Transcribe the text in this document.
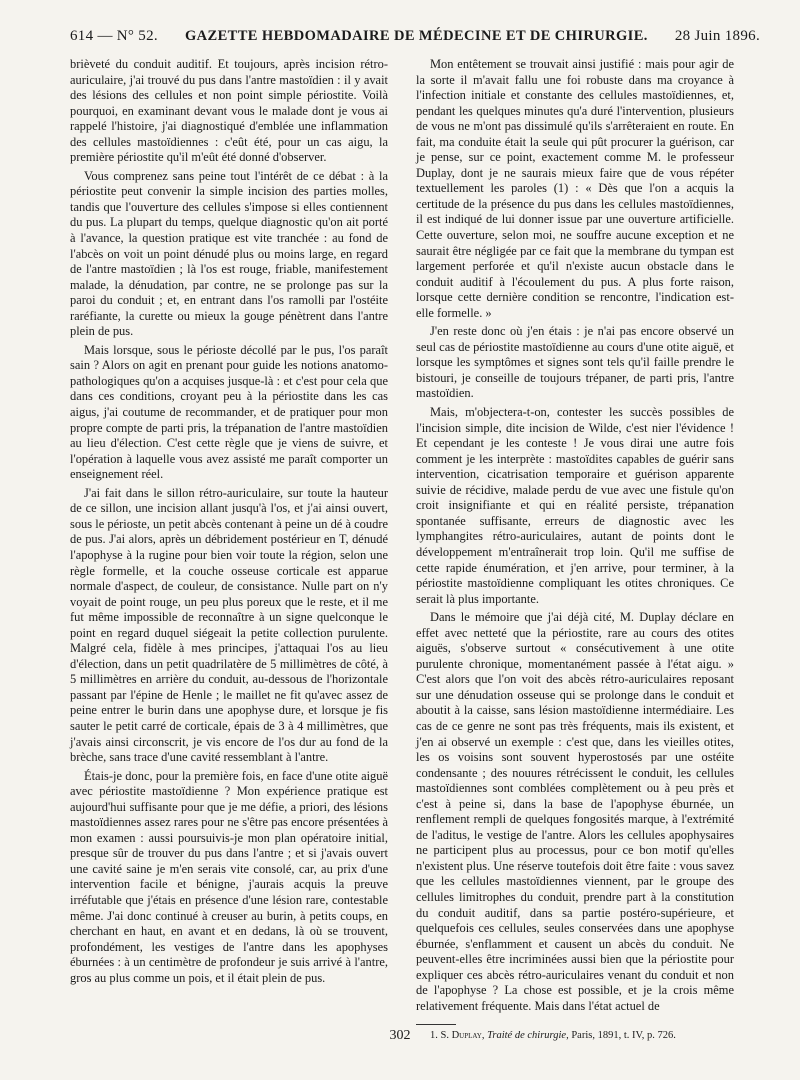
614 — N° 52. GAZETTE HEBDOMADAIRE DE MÉDECINE ET DE CHIRURGIE. 28 Juin 1896.

brièveté du conduit auditif. Et toujours, après incision rétro-auriculaire, j'ai trouvé du pus dans l'antre mastoïdien : il y avait des lésions des cellules et non point simple périostite. Voilà pourquoi, en examinant devant vous le malade dont je vous ai rappelé l'histoire, j'ai diagnostiqué d'emblée une inflammation des cellules mastoïdiennes : c'eût été, pour un cas aigu, la première périostite qu'il m'eût été donné d'observer.

Vous comprenez sans peine tout l'intérêt de ce débat : à la périostite peut convenir la simple incision des parties molles, tandis que l'ouverture des cellules s'impose si elles contiennent du pus. La plupart du temps, quelque diagnostic qu'on ait porté à l'avance, la question pratique est vite tranchée : au fond de l'abcès on voit un point dénudé plus ou moins large, en regard de l'antre mastoïdien ; là l'os est rouge, friable, manifestement malade, la dénudation, par contre, ne se prolonge pas sur la paroi du conduit ; et, en entrant dans l'os ramolli par l'ostéite raréfiante, la curette ou mieux la gouge pénètrent dans l'antre plein de pus.

Mais lorsque, sous le périoste décollé par le pus, l'os paraît sain ? Alors on agit en prenant pour guide les notions anatomo-pathologiques qu'on a acquises jusque-là : et c'est pour cela que dans ces conditions, croyant peu à la périostite dans les cas aigus, j'ai coutume de recommander, et de pratiquer pour mon propre compte de parti pris, la trépanation de l'antre mastoïdien au lieu d'élection. C'est cette règle que je viens de suivre, et l'opération à laquelle vous avez assisté me paraît comporter un enseignement réel.

J'ai fait dans le sillon rétro-auriculaire, sur toute la hauteur de ce sillon, une incision allant jusqu'à l'os, et j'ai ainsi ouvert, sous le périoste, un petit abcès contenant à peine un dé à coudre de pus. J'ai alors, après un débridement postérieur en T, dénudé l'apophyse à la rugine pour bien voir toute la région, selon une règle formelle, et la couche osseuse corticale est apparue normale d'aspect, de couleur, de consistance. Nulle part on n'y voyait de point rouge, un peu plus poreux que le reste, et il me fut même impossible de reconnaître à un signe quelconque le point en regard duquel siégeait la petite collection purulente. Malgré cela, fidèle à mes principes, j'attaquai l'os au lieu d'élection, dans un petit quadrilatère de 5 millimètres de côté, à 5 millimètres en arrière du conduit, au-dessous de l'horizontale passant par l'épine de Henle ; le maillet ne fit qu'avec assez de peine entrer le burin dans une apophyse dure, et lorsque je fis sauter le petit carré de corticale, épais de 3 à 4 millimètres, que j'avais ainsi circonscrit, je vis encore de l'os dur au fond de la brèche, sans trace d'une cavité ressemblant à l'antre.

Étais-je donc, pour la première fois, en face d'une otite aiguë avec périostite mastoïdienne ? Mon expérience pratique est aujourd'hui suffisante pour que je me défie, a priori, des lésions mastoïdiennes assez rares pour ne s'être pas encore présentées à mon examen : aussi poursuivis-je mon plan opératoire initial, presque sûr de trouver du pus dans l'antre ; et si j'avais ouvert une cavité saine je m'en serais vite consolé, car, au prix d'une intervention facile et bénigne, j'aurais acquis la preuve irréfutable que j'étais en présence d'une lésion rare, contestable même. J'ai donc continué à creuser au burin, à petits coups, en cherchant en haut, en avant et en dedans, là où se trouvent, profondément, les vestiges de l'antre dans les apophyses éburnées : à un centimètre de profondeur je suis arrivé à l'antre, gros au plus comme un pois, et il était plein de pus.

Mon entêtement se trouvait ainsi justifié : mais pour agir de la sorte il m'avait fallu une foi robuste dans ma croyance à l'infection initiale et constante des cellules mastoïdiennes, et, pendant les quelques minutes qu'a duré l'intervention, plusieurs de vous ne m'ont pas dissimulé qu'ils s'arrêteraient en route. En fait, ma conduite était la seule qui pût procurer la guérison, car je pense, sur ce point, exactement comme M. le professeur Duplay, dont je ne saurais mieux faire que de vous répéter textuellement les paroles (1) : « Dès que l'on a acquis la certitude de la présence du pus dans les cellules mastoïdiennes, il est indiqué de lui donner issue par une ouverture artificielle. Cette ouverture, selon moi, ne souffre aucune exception et ne saurait être négligée par ce fait que la membrane du tympan est largement perforée et qu'il n'existe aucun obstacle dans le conduit auditif à l'écoulement du pus. A plus forte raison, lorsque cette dernière condition se rencontre, l'indication est-elle formelle. »

J'en reste donc où j'en étais : je n'ai pas encore observé un seul cas de périostite mastoïdienne au cours d'une otite aiguë, et lorsque les symptômes et signes sont tels qu'il faille prendre le bistouri, je conseille de toujours trépaner, de parti pris, l'antre mastoïdien.

Mais, m'objectera-t-on, contester les succès possibles de l'incision simple, dite incision de Wilde, c'est nier l'évidence ! Et cependant je les conteste ! Je vous dirai une autre fois comment je les interprète : mastoïdites capables de guérir sans intervention, cicatrisation temporaire et guérison apparente suivie de récidive, malade perdu de vue avec une fistule qu'on croit insignifiante et qui en réalité persiste, trépanation spontanée suffisante, erreurs de diagnostic avec les lymphangites rétro-auriculaires, autant de points dont le développement m'entraînerait trop loin. Qu'il me suffise de cette rapide énumération, et j'en arrive, pour terminer, à la périostite mastoïdienne compliquant les otites chroniques. Ce serait là plus importante.

Dans le mémoire que j'ai déjà cité, M. Duplay déclare en effet avec netteté que la périostite, rare au cours des otites aiguës, s'observe surtout « consécutivement à une otite purulente chronique, momentanément passée à l'état aigu. » C'est alors que l'on voit des abcès rétro-auriculaires reposant sur une dénudation osseuse qui se prolonge dans le conduit et aboutit à la caisse, sans lésion mastoïdienne intermédiaire. Les cas de ce genre ne sont pas très fréquents, mais ils existent, et j'en ai observé un exemple : c'est que, dans les vieilles otites, les os voisins sont souvent hyperostosés par une ostéite condensante ; des nouures rétrécissent le conduit, les cellules mastoïdiennes sont comblées complètement ou à peu près et c'est à peine si, dans la base de l'apophyse éburnée, un renflement rempli de quelques fongosités marque, à l'extrémité de l'aditus, le vestige de l'antre. Alors les cellules apophysaires ne participent plus au processus, pour ce bon motif qu'elles n'existent plus. Une réserve toutefois doit être faite : vous savez que les cellules mastoïdiennes viennent, par le groupe des cellules limitrophes du conduit, prendre part à la constitution du conduit auditif, dans sa partie postéro-supérieure, et quelquefois ces cellules, seules conservées dans une apophyse éburnée, s'enflamment et causent un abcès du conduit. Ne peuvent-elles être incriminées aussi bien que la périostite pour expliquer ces abcès rétro-auriculaires venant du conduit et non de l'apophyse ? La chose est possible, et je la crois même relativement fréquente. Mais dans l'état actuel de

1. S. Duplay, Traité de chirurgie, Paris, 1891, t. IV, p. 726.
302
